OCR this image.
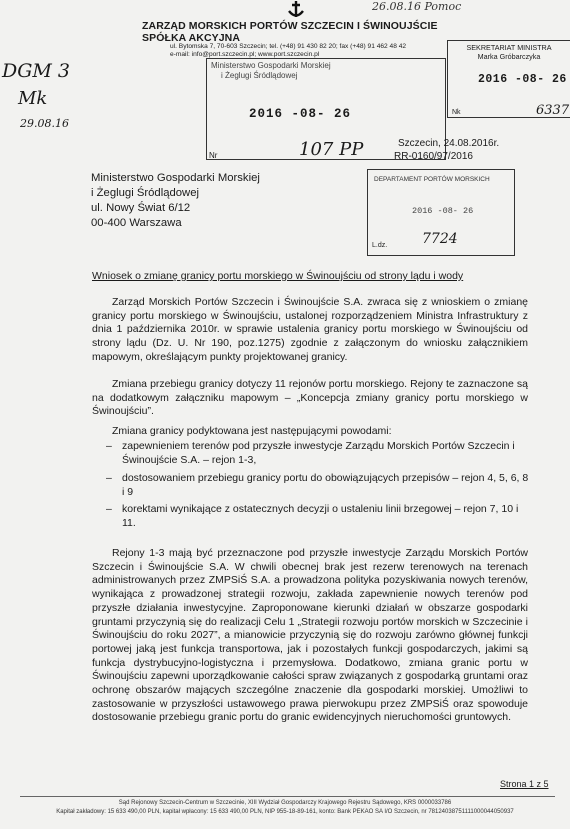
26.08.16 Pomoc
ZARZĄD MORSKICH PORTÓW SZCZECIN I ŚWINOUJŚCIE SPÓŁKA AKCYJNA
ul. Bytomska 7, 70-603 Szczecin; tel. (+48) 91 430 82 20; fax (+48) 91 462 48 42
e-mail: info@port.szczecin.pl; www.port.szczecin.pl
Ministerstwo Gospodarki Morskiej
i Żeglugi Śródlądowej
2016 -08- 26
Nr	107 PP
SEKRETARIAT MINISTRA
Marka Gróbarczyka
2016 -08- 26
Nk	6337
DGM 3
Mk
29.08.16
Szczecin, 24.08.2016r.
RR-0160/97/2016
DEPARTAMENT PORTÓW MORSKICH
2016 -08- 26
L.dz. 7724
Ministerstwo Gospodarki Morskiej
i Żeglugi Śródlądowej
ul. Nowy Świat 6/12
00-400 Warszawa
Wniosek o zmianę granicy portu morskiego w Świnoujściu od strony lądu i wody

Zarząd Morskich Portów Szczecin i Świnoujście S.A. zwraca się z wnioskiem o zmianę granicy portu morskiego w Świnoujściu, ustalonej rozporządzeniem Ministra Infrastruktury z dnia 1 października 2010r. w sprawie ustalenia granicy portu morskiego w Świnoujściu od strony lądu (Dz. U. Nr 190, poz.1275) zgodnie z załączonym do wniosku załącznikiem mapowym, określającym punkty projektowanej granicy.

Zmiana przebiegu granicy dotyczy 11 rejonów portu morskiego. Rejony te zaznaczone są na dodatkowym załączniku mapowym – „Koncepcja zmiany granicy portu morskiego w Świnoujściu”.

Zmiana granicy podyktowana jest następującymi powodami:

– zapewnieniem terenów pod przyszłe inwestycje Zarządu Morskich Portów Szczecin i Świnoujście S.A. – rejon 1-3,
– dostosowaniem przebiegu granicy portu do obowiązujących przepisów – rejon 4, 5, 6, 8 i 9
– korektami wynikające z ostatecznych decyzji o ustaleniu linii brzegowej – rejon 7, 10 i 11.

Rejony 1-3 mają być przeznaczone pod przyszłe inwestycje Zarządu Morskich Portów Szczecin i Świnoujście S.A. W chwili obecnej brak jest rezerw terenowych na terenach administrowanych przez ZMPSiŚ S.A. a prowadzona polityka pozyskiwania nowych terenów, wynikająca z prowadzonej strategii rozwoju, zakłada zapewnienie nowych terenów pod przyszłe działania inwestycyjne. Zaproponowane kierunki działań w obszarze gospodarki gruntami przyczynią się do realizacji Celu 1 „Strategii rozwoju portów morskich w Szczecinie i Świnoujściu do roku 2027”, a mianowicie przyczynią się do rozwoju zarówno głównej funkcji portowej jaką jest funkcja transportowa, jak i pozostałych funkcji gospodarczych, jakimi są funkcja dystrybucyjno-logistyczna i przemysłowa. Dodatkowo, zmiana granic portu w Świnoujściu zapewni uporządkowanie całości spraw związanych z gospodarką gruntami oraz ochronę obszarów mających szczególne znaczenie dla gospodarki morskiej. Umożliwi to zastosowanie w przyszłości ustawowego prawa pierwokupu przez ZMPSiŚ oraz spowoduje dostosowanie przebiegu granic portu do granic ewidencyjnych nieruchomości gruntowych.

Strona 1 z 5
Sąd Rejonowy Szczecin-Centrum w Szczecinie, XIII Wydział Gospodarczy Krajowego Rejestru Sądowego, KRS 0000033786
Kapitał zakładowy: 15 633 490,00 PLN, kapitał wpłacony: 15 633 490,00 PLN, NIP 955-18-89-161, konto: Bank PEKAO SA I/O Szczecin, nr 78124038751111000044050937
